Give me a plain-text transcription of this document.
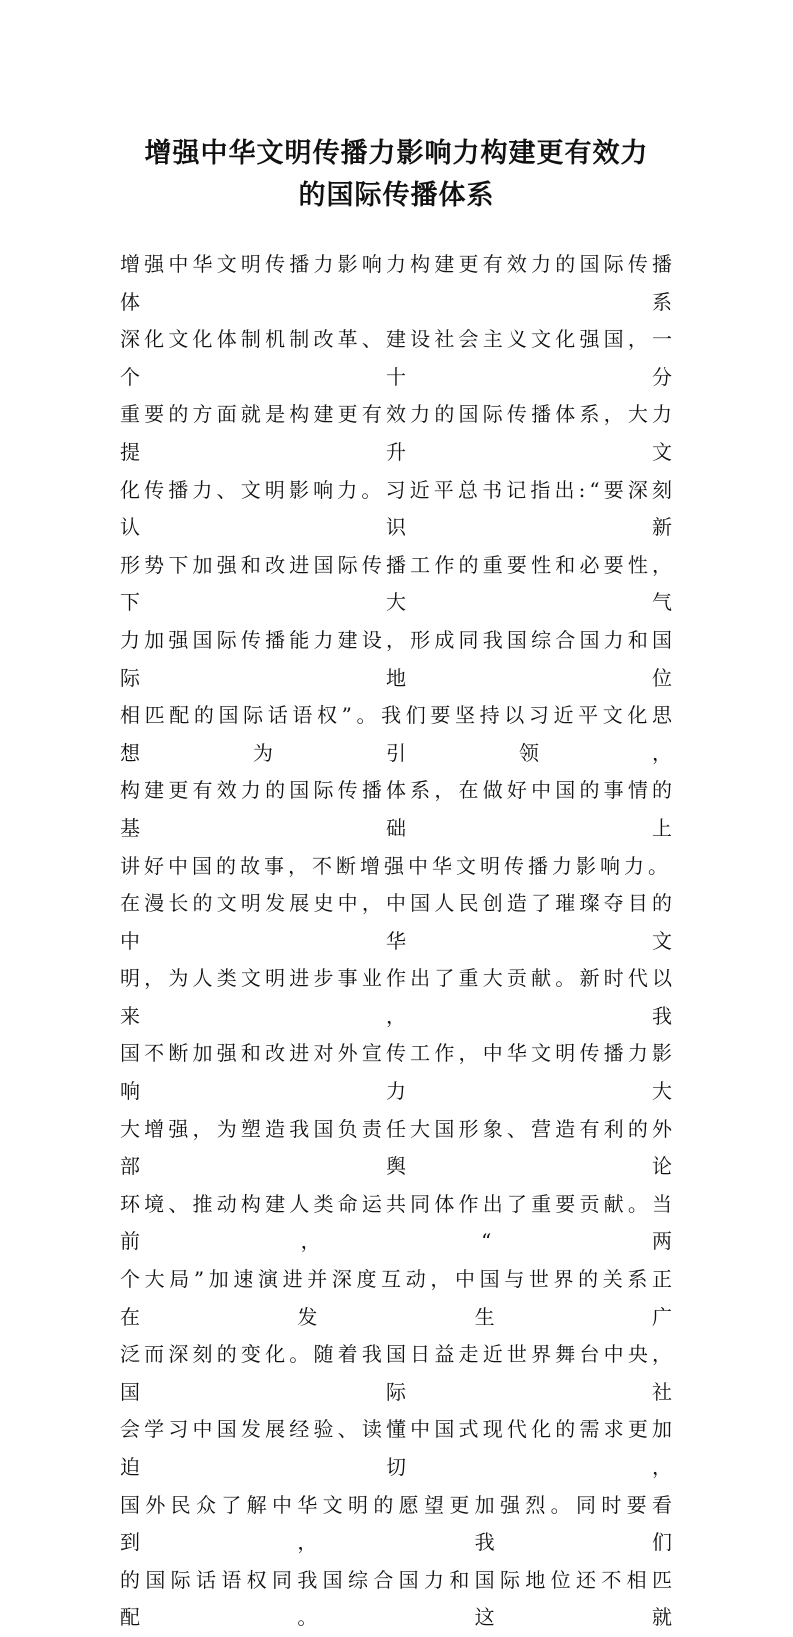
增强中华文明传播力影响力构建更有效力
的国际传播体系
增强中华文明传播力影响力构建更有效力的国际传播体系
深化文化体制机制改革、建设社会主义文化强国，一个十分
重要的方面就是构建更有效力的国际传播体系，大力提升文
化传播力、文明影响力。习近平总书记指出:“要深刻认识新
形势下加强和改进国际传播工作的重要性和必要性，下大气
力加强国际传播能力建设，形成同我国综合国力和国际地位
相匹配的国际话语权”。我们要坚持以习近平文化思想为引领，
构建更有效力的国际传播体系，在做好中国的事情的基础上
讲好中国的故事，不断增强中华文明传播力影响力。
在漫长的文明发展史中，中国人民创造了璀璨夺目的中华文
明，为人类文明进步事业作出了重大贡献。新时代以来，我
国不断加强和改进对外宣传工作，中华文明传播力影响力大
大增强，为塑造我国负责任大国形象、营造有利的外部舆论
环境、推动构建人类命运共同体作出了重要贡献。当前，“两
个大局”加速演进并深度互动，中国与世界的关系正在发生广
泛而深刻的变化。随着我国日益走近世界舞台中央，国际社
会学习中国发展经验、读懂中国式现代化的需求更加迫切，
国外民众了解中华文明的愿望更加强烈。同时要看到，我们
的国际话语权同我国综合国力和国际地位还不相匹配。这就
